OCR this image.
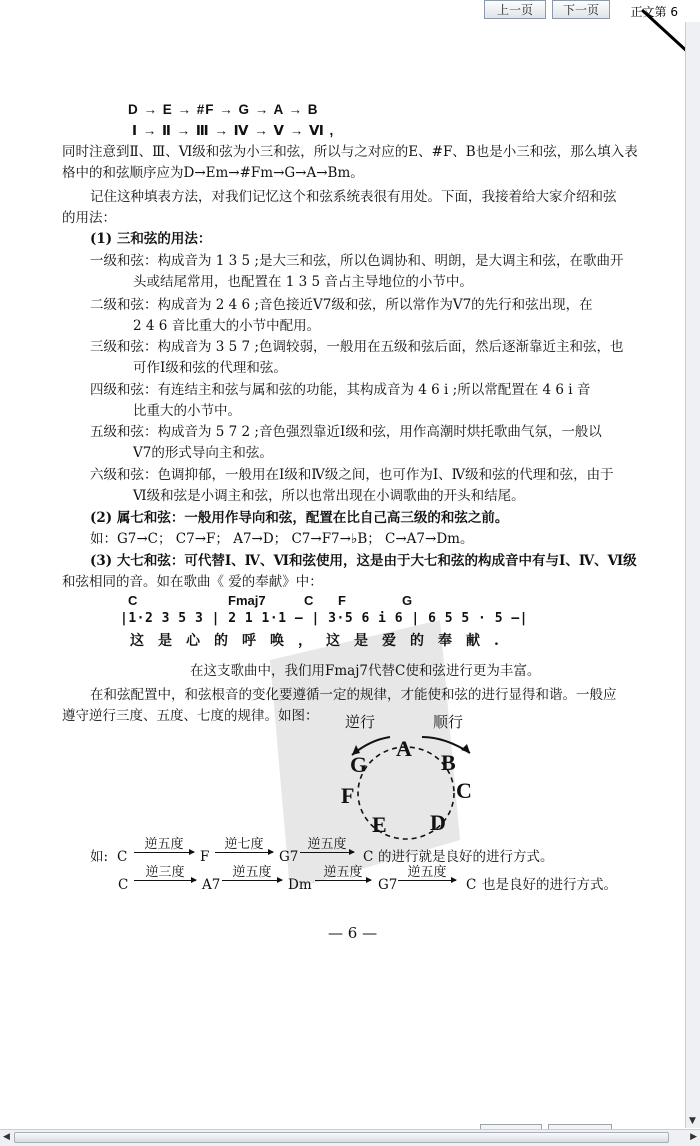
上一页	下一页	正文第 6
▼
◀	▶
D → E → #F → G → A → B
Ⅰ → Ⅱ → Ⅲ → Ⅳ → Ⅴ → Ⅵ ,
同时注意到Ⅱ、Ⅲ、Ⅵ级和弦为小三和弦，所以与之对应的E、#F、B也是小三和弦，那么填入表
格中的和弦顺序应为D→Em→#Fm→G→A→Bm。
记住这种填表方法，对我们记忆这个和弦系统表很有用处。下面，我接着给大家介绍和弦
的用法：
(1) 三和弦的用法：
一级和弦：构成音为 1 3 5 ;是大三和弦，所以色调协和、明朗，是大调主和弦，在歌曲开
头或结尾常用，也配置在 1 3 5 音占主导地位的小节中。
二级和弦：构成音为 2 4 6 ;音色接近Ⅴ7级和弦，所以常作为Ⅴ7的先行和弦出现，在
2 4 6 音比重大的小节中配用。
三级和弦：构成音为 3 5 7 ;色调较弱，一般用在五级和弦后面，然后逐渐靠近主和弦，也
可作Ⅰ级和弦的代理和弦。
四级和弦：有连结主和弦与属和弦的功能，其构成音为 4 6 i ;所以常配置在 4 6 i 音
比重大的小节中。
五级和弦：构成音为 5 7 2 ;音色强烈靠近Ⅰ级和弦，用作高潮时烘托歌曲气氛，一般以
Ⅴ7的形式导向主和弦。
六级和弦：色调抑郁，一般用在Ⅰ级和Ⅳ级之间，也可作为Ⅰ、Ⅳ级和弦的代理和弦，由于
Ⅵ级和弦是小调主和弦，所以也常出现在小调歌曲的开头和结尾。
(2) 属七和弦：一般用作导向和弦，配置在比自己高三级的和弦之前。
如：G7→C； C7→F； A7→D； C7→F7→♭B； C→A7→Dm。
(3) 大七和弦：可代替Ⅰ、Ⅳ、Ⅵ和弦使用，这是由于大七和弦的构成音中有与Ⅰ、Ⅳ、Ⅵ级
和弦相同的音。如在歌曲《 爱的奉献》中：
C	Fmaj7	C F	G
|1·2 3 5 3 | 2 1 1·1 — | 3·5 6 i 6 | 6 5 5 · 5 —|
这是心的呼唤，这是爱的奉献.
在这支歌曲中，我们用Fmaj7代替C使和弦进行更为丰富。
在和弦配置中，和弦根音的变化要遵循一定的规律，才能使和弦的进行显得和谐。一般应
遵守逆行三度、五度、七度的规律。如图： 逆行	顺行
A
B
C
D
E
F
G
如: C
逆五度
F
逆七度
G7
逆五度
C 的进行就是良好的进行方式。
C
逆三度
A7
逆五度
Dm
逆五度
G7
逆五度
C 也是良好的进行方式。
— 6 —
